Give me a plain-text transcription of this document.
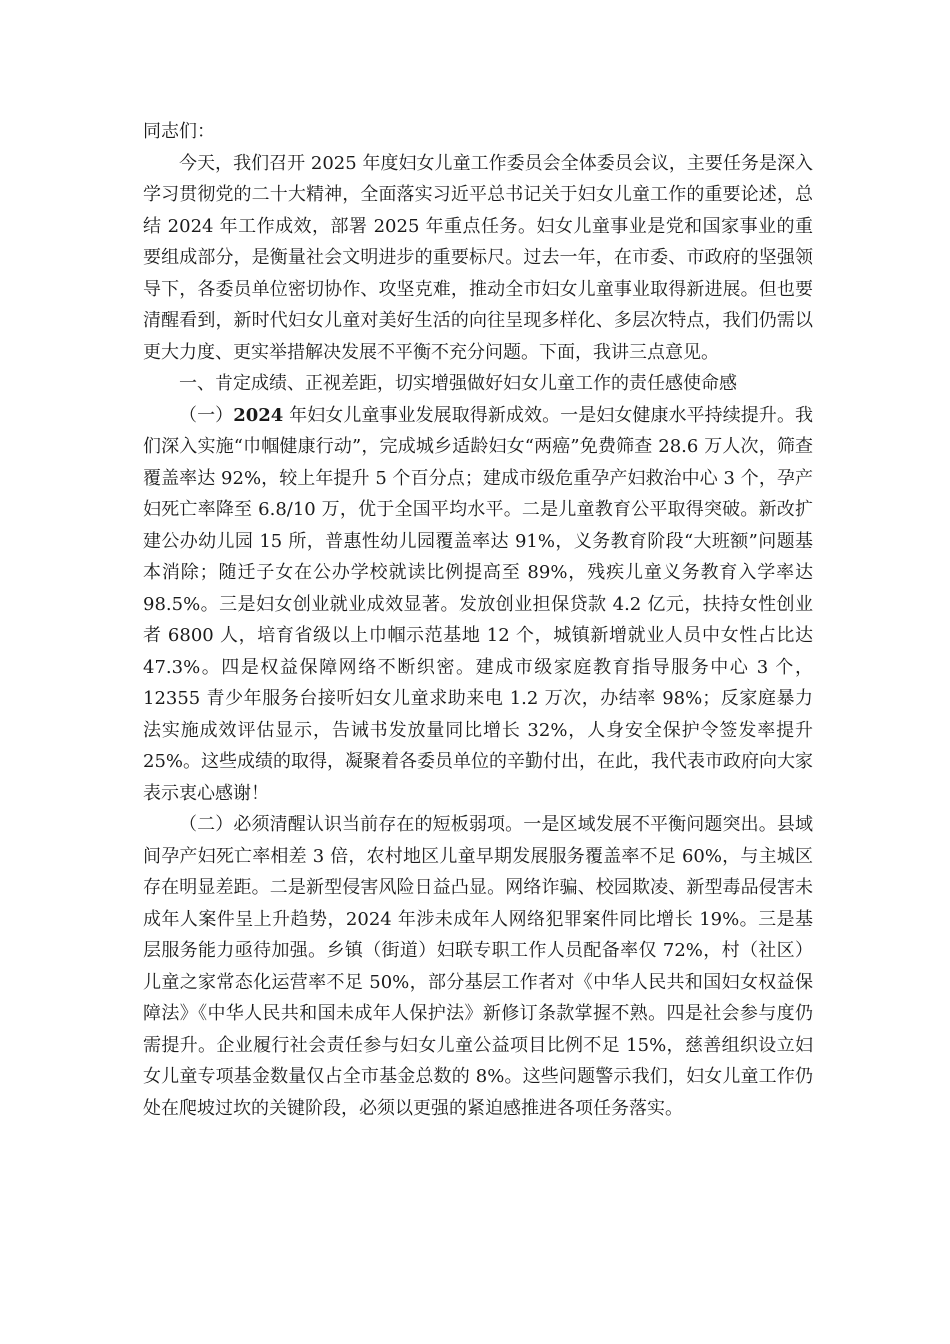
同志们：

今天，我们召开 2025 年度妇女儿童工作委员会全体委员会议，主要任务是深入学习贯彻党的二十大精神，全面落实习近平总书记关于妇女儿童工作的重要论述，总结 2024 年工作成效，部署 2025 年重点任务。妇女儿童事业是党和国家事业的重要组成部分，是衡量社会文明进步的重要标尺。过去一年，在市委、市政府的坚强领导下，各委员单位密切协作、攻坚克难，推动全市妇女儿童事业取得新进展。但也要清醒看到，新时代妇女儿童对美好生活的向往呈现多样化、多层次特点，我们仍需以更大力度、更实举措解决发展不平衡不充分问题。下面，我讲三点意见。

一、肯定成绩、正视差距，切实增强做好妇女儿童工作的责任感使命感

（一）2024 年妇女儿童事业发展取得新成效。一是妇女健康水平持续提升。我们深入实施“巾帼健康行动”，完成城乡适龄妇女“两癌”免费筛查 28.6 万人次，筛查覆盖率达 92%，较上年提升 5 个百分点；建成市级危重孕产妇救治中心 3 个，孕产妇死亡率降至 6.8/10 万，优于全国平均水平。二是儿童教育公平取得突破。新改扩建公办幼儿园 15 所，普惠性幼儿园覆盖率达 91%，义务教育阶段“大班额”问题基本消除；随迁子女在公办学校就读比例提高至 89%，残疾儿童义务教育入学率达 98.5%。三是妇女创业就业成效显著。发放创业担保贷款 4.2 亿元，扶持女性创业者 6800 人，培育省级以上巾帼示范基地 12 个，城镇新增就业人员中女性占比达 47.3%。四是权益保障网络不断织密。建成市级家庭教育指导服务中心 3 个，12355 青少年服务台接听妇女儿童求助来电 1.2 万次，办结率 98%；反家庭暴力法实施成效评估显示，告诫书发放量同比增长 32%，人身安全保护令签发率提升 25%。这些成绩的取得，凝聚着各委员单位的辛勤付出，在此，我代表市政府向大家表示衷心感谢！

（二）必须清醒认识当前存在的短板弱项。一是区域发展不平衡问题突出。县域间孕产妇死亡率相差 3 倍，农村地区儿童早期发展服务覆盖率不足 60%，与主城区存在明显差距。二是新型侵害风险日益凸显。网络诈骗、校园欺凌、新型毒品侵害未成年人案件呈上升趋势，2024 年涉未成年人网络犯罪案件同比增长 19%。三是基层服务能力亟待加强。乡镇（街道）妇联专职工作人员配备率仅 72%，村（社区）儿童之家常态化运营率不足 50%，部分基层工作者对《中华人民共和国妇女权益保障法》《中华人民共和国未成年人保护法》新修订条款掌握不熟。四是社会参与度仍需提升。企业履行社会责任参与妇女儿童公益项目比例不足 15%，慈善组织设立妇女儿童专项基金数量仅占全市基金总数的 8%。这些问题警示我们，妇女儿童工作仍处在爬坡过坎的关键阶段，必须以更强的紧迫感推进各项任务落实。
